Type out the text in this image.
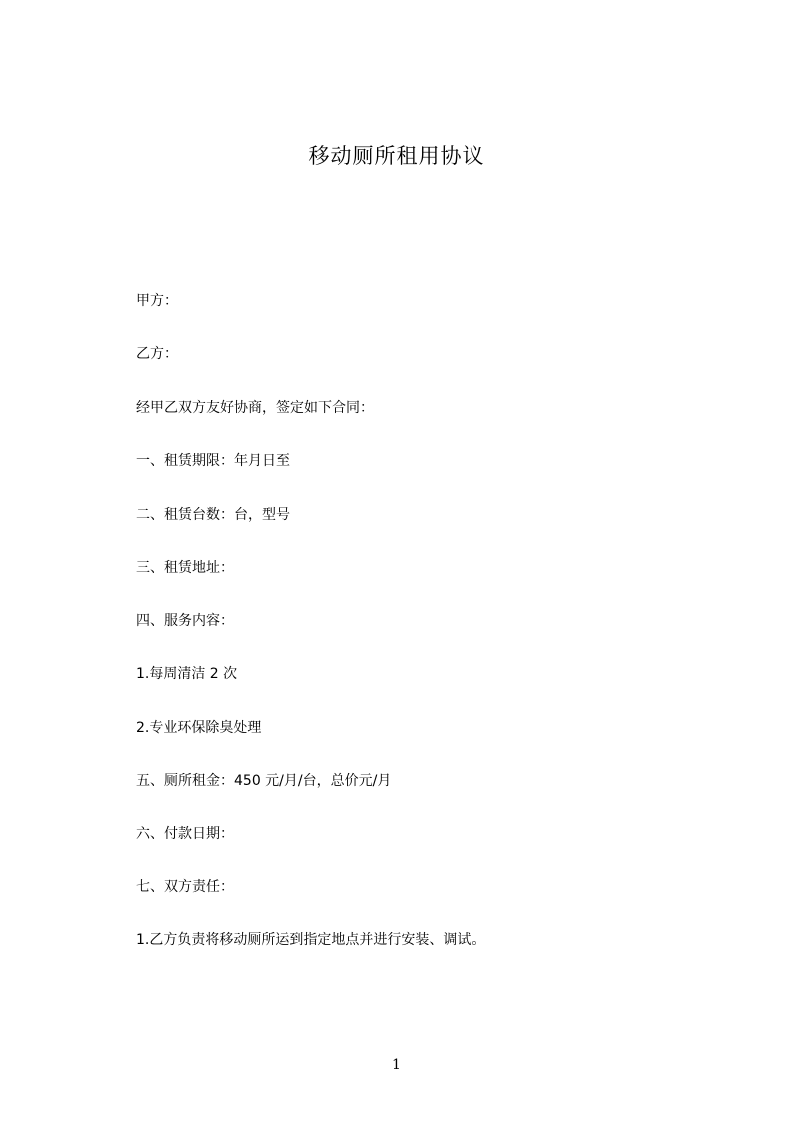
移动厕所租用协议
甲方：
乙方：
经甲乙双方友好协商，签定如下合同：
一、租赁期限：年月日至
二、租赁台数：台，型号
三、租赁地址：
四、服务内容：
1.每周清洁 2 次
2.专业环保除臭处理
五、厕所租金：450 元/月/台，总价元/月
六、付款日期：
七、双方责任：
1.乙方负责将移动厕所运到指定地点并进行安装、调试。
1
